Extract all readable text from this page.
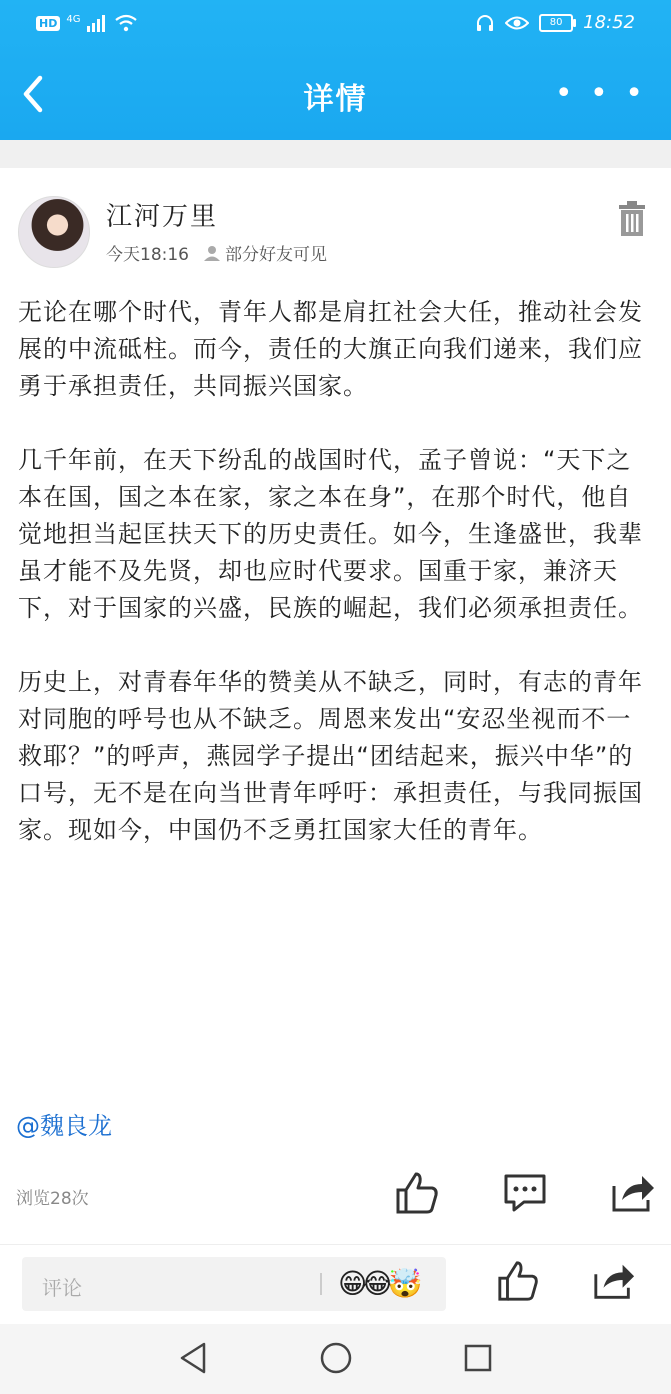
HD 4G	80	18:52
详情	• • •
江河万里
今天18:16 部分好友可见

无论在哪个时代，青年人都是肩扛社会大任，推动社会发展的中流砥柱。而今，责任的大旗正向我们递来，我们应勇于承担责任，共同振兴国家。

几千年前，在天下纷乱的战国时代，孟子曾说：“天下之本在国，国之本在家，家之本在身”，在那个时代，他自觉地担当起匡扶天下的历史责任。如今，生逢盛世，我辈虽才能不及先贤，却也应时代要求。国重于家，兼济天下，对于国家的兴盛，民族的崛起，我们必须承担责任。

历史上，对青春年华的赞美从不缺乏，同时，有志的青年对同胞的呼号也从不缺乏。周恩来发出“安忍坐视而不一救耶？”的呼声，燕园学子提出“团结起来，振兴中华”的口号，无不是在向当世青年呼吁：承担责任，与我同振国家。现如今，中国仍不乏勇扛国家大任的青年。

@魏良龙
浏览28次
评论	😁😂🤯
